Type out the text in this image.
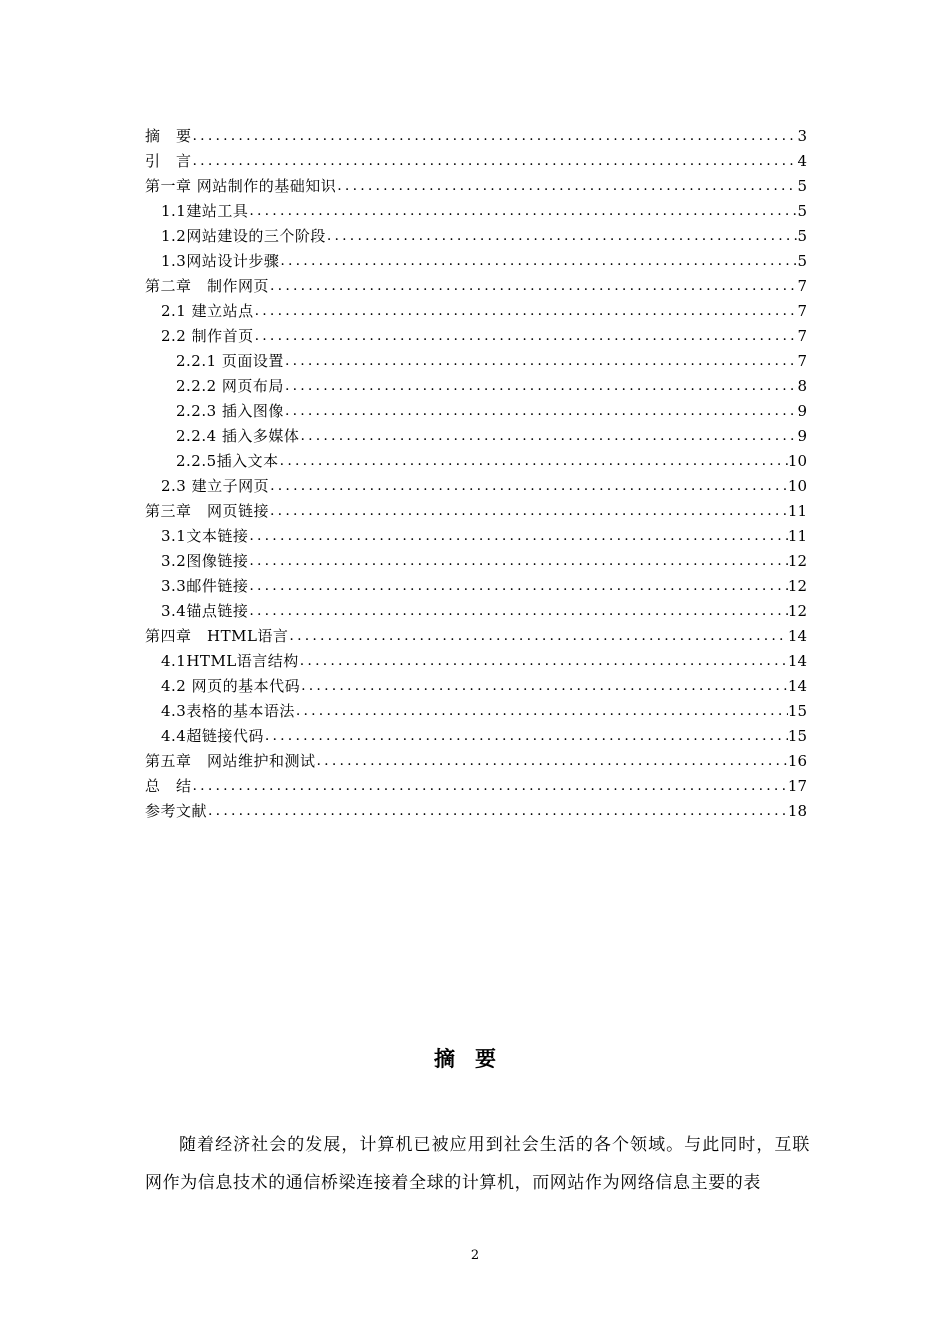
摘　要 .....	3
引　言 .....	4
第一章 网站制作的基础知识 .....	5
1.1建站工具 .....	5
1.2网站建设的三个阶段 .....	5
1.3网站设计步骤 .....	5
第二章　制作网页 .....	7
2.1 建立站点 .....	7
2.2 制作首页 .....	7
2.2.1 页面设置 .....	7
2.2.2 网页布局 .....	8
2.2.3 插入图像 .....	9
2.2.4 插入多媒体 .....	9
2.2.5插入文本 .....	10
2.3 建立子网页 .....	10
第三章　网页链接 .....	11
3.1文本链接 .....	11
3.2图像链接 .....	12
3.3邮件链接 .....	12
3.4锚点链接 .....	12
第四章　HTML语言 .....	14
4.1HTML语言结构 .....	14
4.2 网页的基本代码 .....	14
4.3表格的基本语法 .....	15
4.4超链接代码 .....	15
第五章　网站维护和测试 .....	16
总　结 .....	17
参考文献 .....	18
摘要
随着经济社会的发展，计算机已被应用到社会生活的各个领域。与此同时，互联网作为信息技术的通信桥梁连接着全球的计算机，而网站作为网络信息主要的表
2
